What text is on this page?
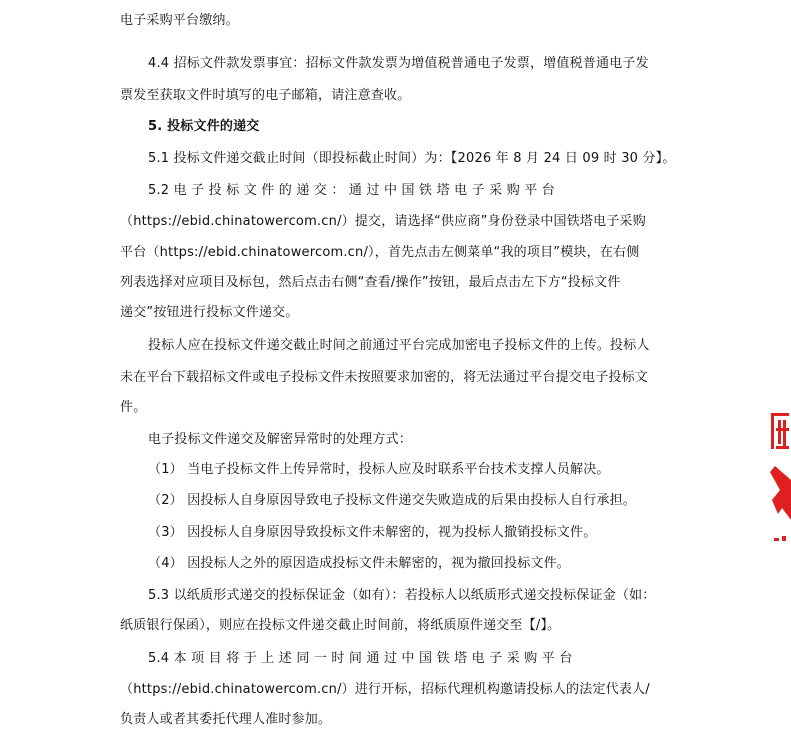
电子采购平台缴纳。
4.4 招标文件款发票事宜：招标文件款发票为增值税普通电子发票，增值税普通电子发
票发至获取文件时填写的电子邮箱，请注意查收。
5. 投标文件的递交
5.1 投标文件递交截止时间（即投标截止时间）为：【2026 年 8 月 24 日 09 时 30 分】。
5.2 电 子 投 标 文 件 的 递 交 ： 通 过 中 国 铁 塔 电 子 采 购 平 台
（https://ebid.chinatowercom.cn/）提交，请选择“供应商”身份登录中国铁塔电子采购
平台（https://ebid.chinatowercom.cn/），首先点击左侧菜单“我的项目”模块，在右侧
列表选择对应项目及标包，然后点击右侧“查看/操作”按钮，最后点击左下方“投标文件
递交”按钮进行投标文件递交。
投标人应在投标文件递交截止时间之前通过平台完成加密电子投标文件的上传。投标人
未在平台下载招标文件或电子投标文件未按照要求加密的，将无法通过平台提交电子投标文
件。
电子投标文件递交及解密异常时的处理方式：
（1） 当电子投标文件上传异常时，投标人应及时联系平台技术支撑人员解决。
（2） 因投标人自身原因导致电子投标文件递交失败造成的后果由投标人自行承担。
（3） 因投标人自身原因导致投标文件未解密的，视为投标人撤销投标文件。
（4） 因投标人之外的原因造成投标文件未解密的，视为撤回投标文件。
5.3 以纸质形式递交的投标保证金（如有）：若投标人以纸质形式递交投标保证金（如：
纸质银行保函），则应在投标文件递交截止时间前，将纸质原件递交至【/】。
5.4 本 项 目 将 于 上 述 同 一 时 间 通 过 中 国 铁 塔 电 子 采 购 平 台
（https://ebid.chinatowercom.cn/）进行开标，招标代理机构邀请投标人的法定代表人/
负责人或者其委托代理人准时参加。
